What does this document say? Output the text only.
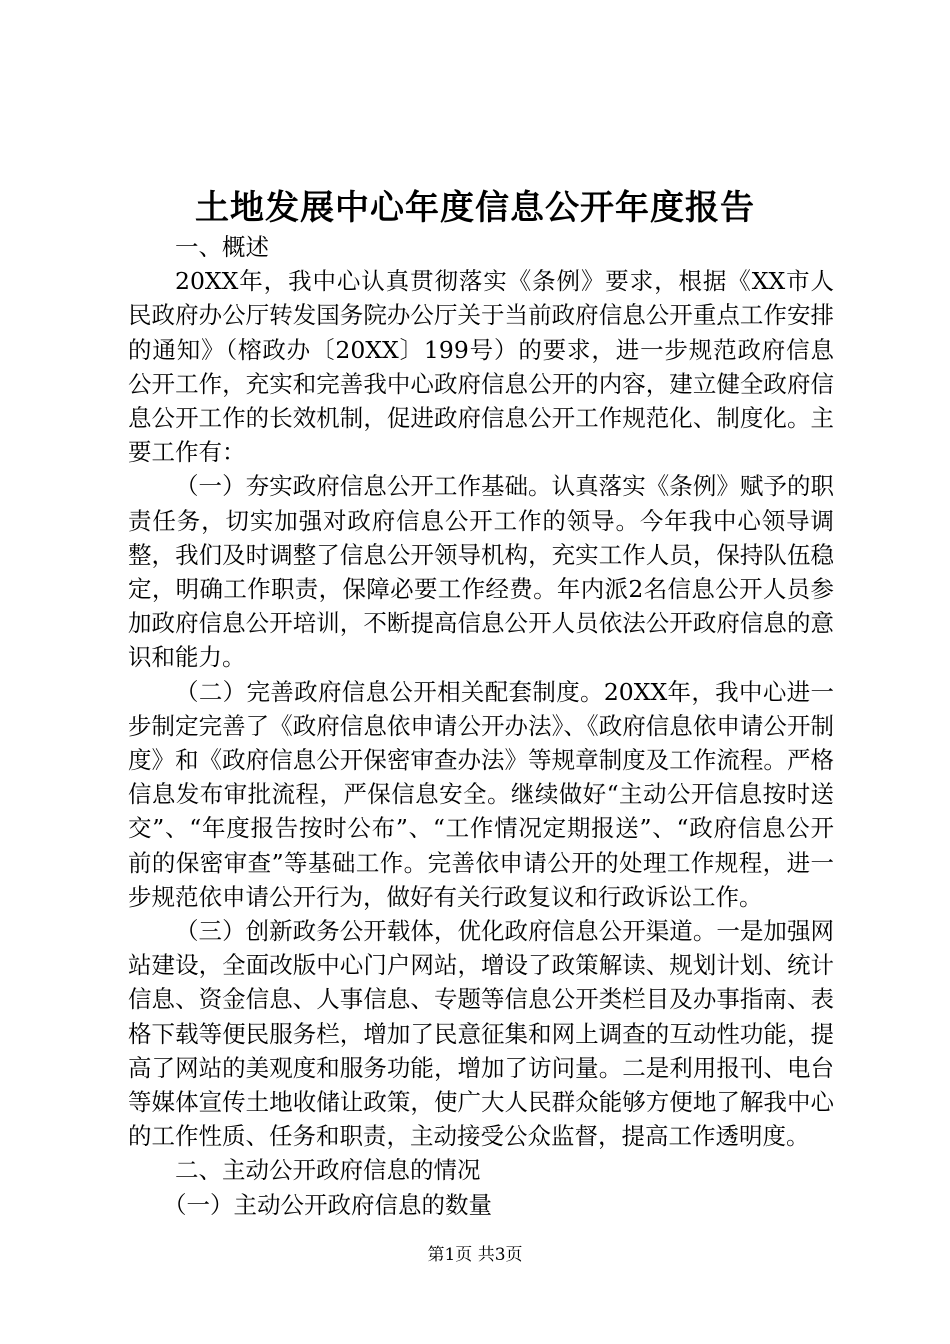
土地发展中心年度信息公开年度报告

一、概述

20XX年，我中心认真贯彻落实《条例》要求，根据《XX市人民政府办公厅转发国务院办公厅关于当前政府信息公开重点工作安排的通知》（榕政办〔20XX〕199号）的要求，进一步规范政府信息公开工作，充实和完善我中心政府信息公开的内容，建立健全政府信息公开工作的长效机制，促进政府信息公开工作规范化、制度化。主要工作有：

（一）夯实政府信息公开工作基础。认真落实《条例》赋予的职责任务，切实加强对政府信息公开工作的领导。今年我中心领导调整，我们及时调整了信息公开领导机构，充实工作人员，保持队伍稳定，明确工作职责，保障必要工作经费。年内派2名信息公开人员参加政府信息公开培训，不断提高信息公开人员依法公开政府信息的意识和能力。

（二）完善政府信息公开相关配套制度。20XX年，我中心进一步制定完善了《政府信息依申请公开办法》、《政府信息依申请公开制度》和《政府信息公开保密审查办法》等规章制度及工作流程。严格信息发布审批流程，严保信息安全。继续做好“主动公开信息按时送交”、“年度报告按时公布”、“工作情况定期报送”、“政府信息公开前的保密审查”等基础工作。完善依申请公开的处理工作规程，进一步规范依申请公开行为，做好有关行政复议和行政诉讼工作。

（三）创新政务公开载体，优化政府信息公开渠道。一是加强网站建设，全面改版中心门户网站，增设了政策解读、规划计划、统计信息、资金信息、人事信息、专题等信息公开类栏目及办事指南、表格下载等便民服务栏，增加了民意征集和网上调查的互动性功能，提高了网站的美观度和服务功能，增加了访问量。二是利用报刊、电台等媒体宣传土地收储让政策，使广大人民群众能够方便地了解我中心的工作性质、任务和职责，主动接受公众监督，提高工作透明度。

二、主动公开政府信息的情况

（一）主动公开政府信息的数量

第1页 共3页
